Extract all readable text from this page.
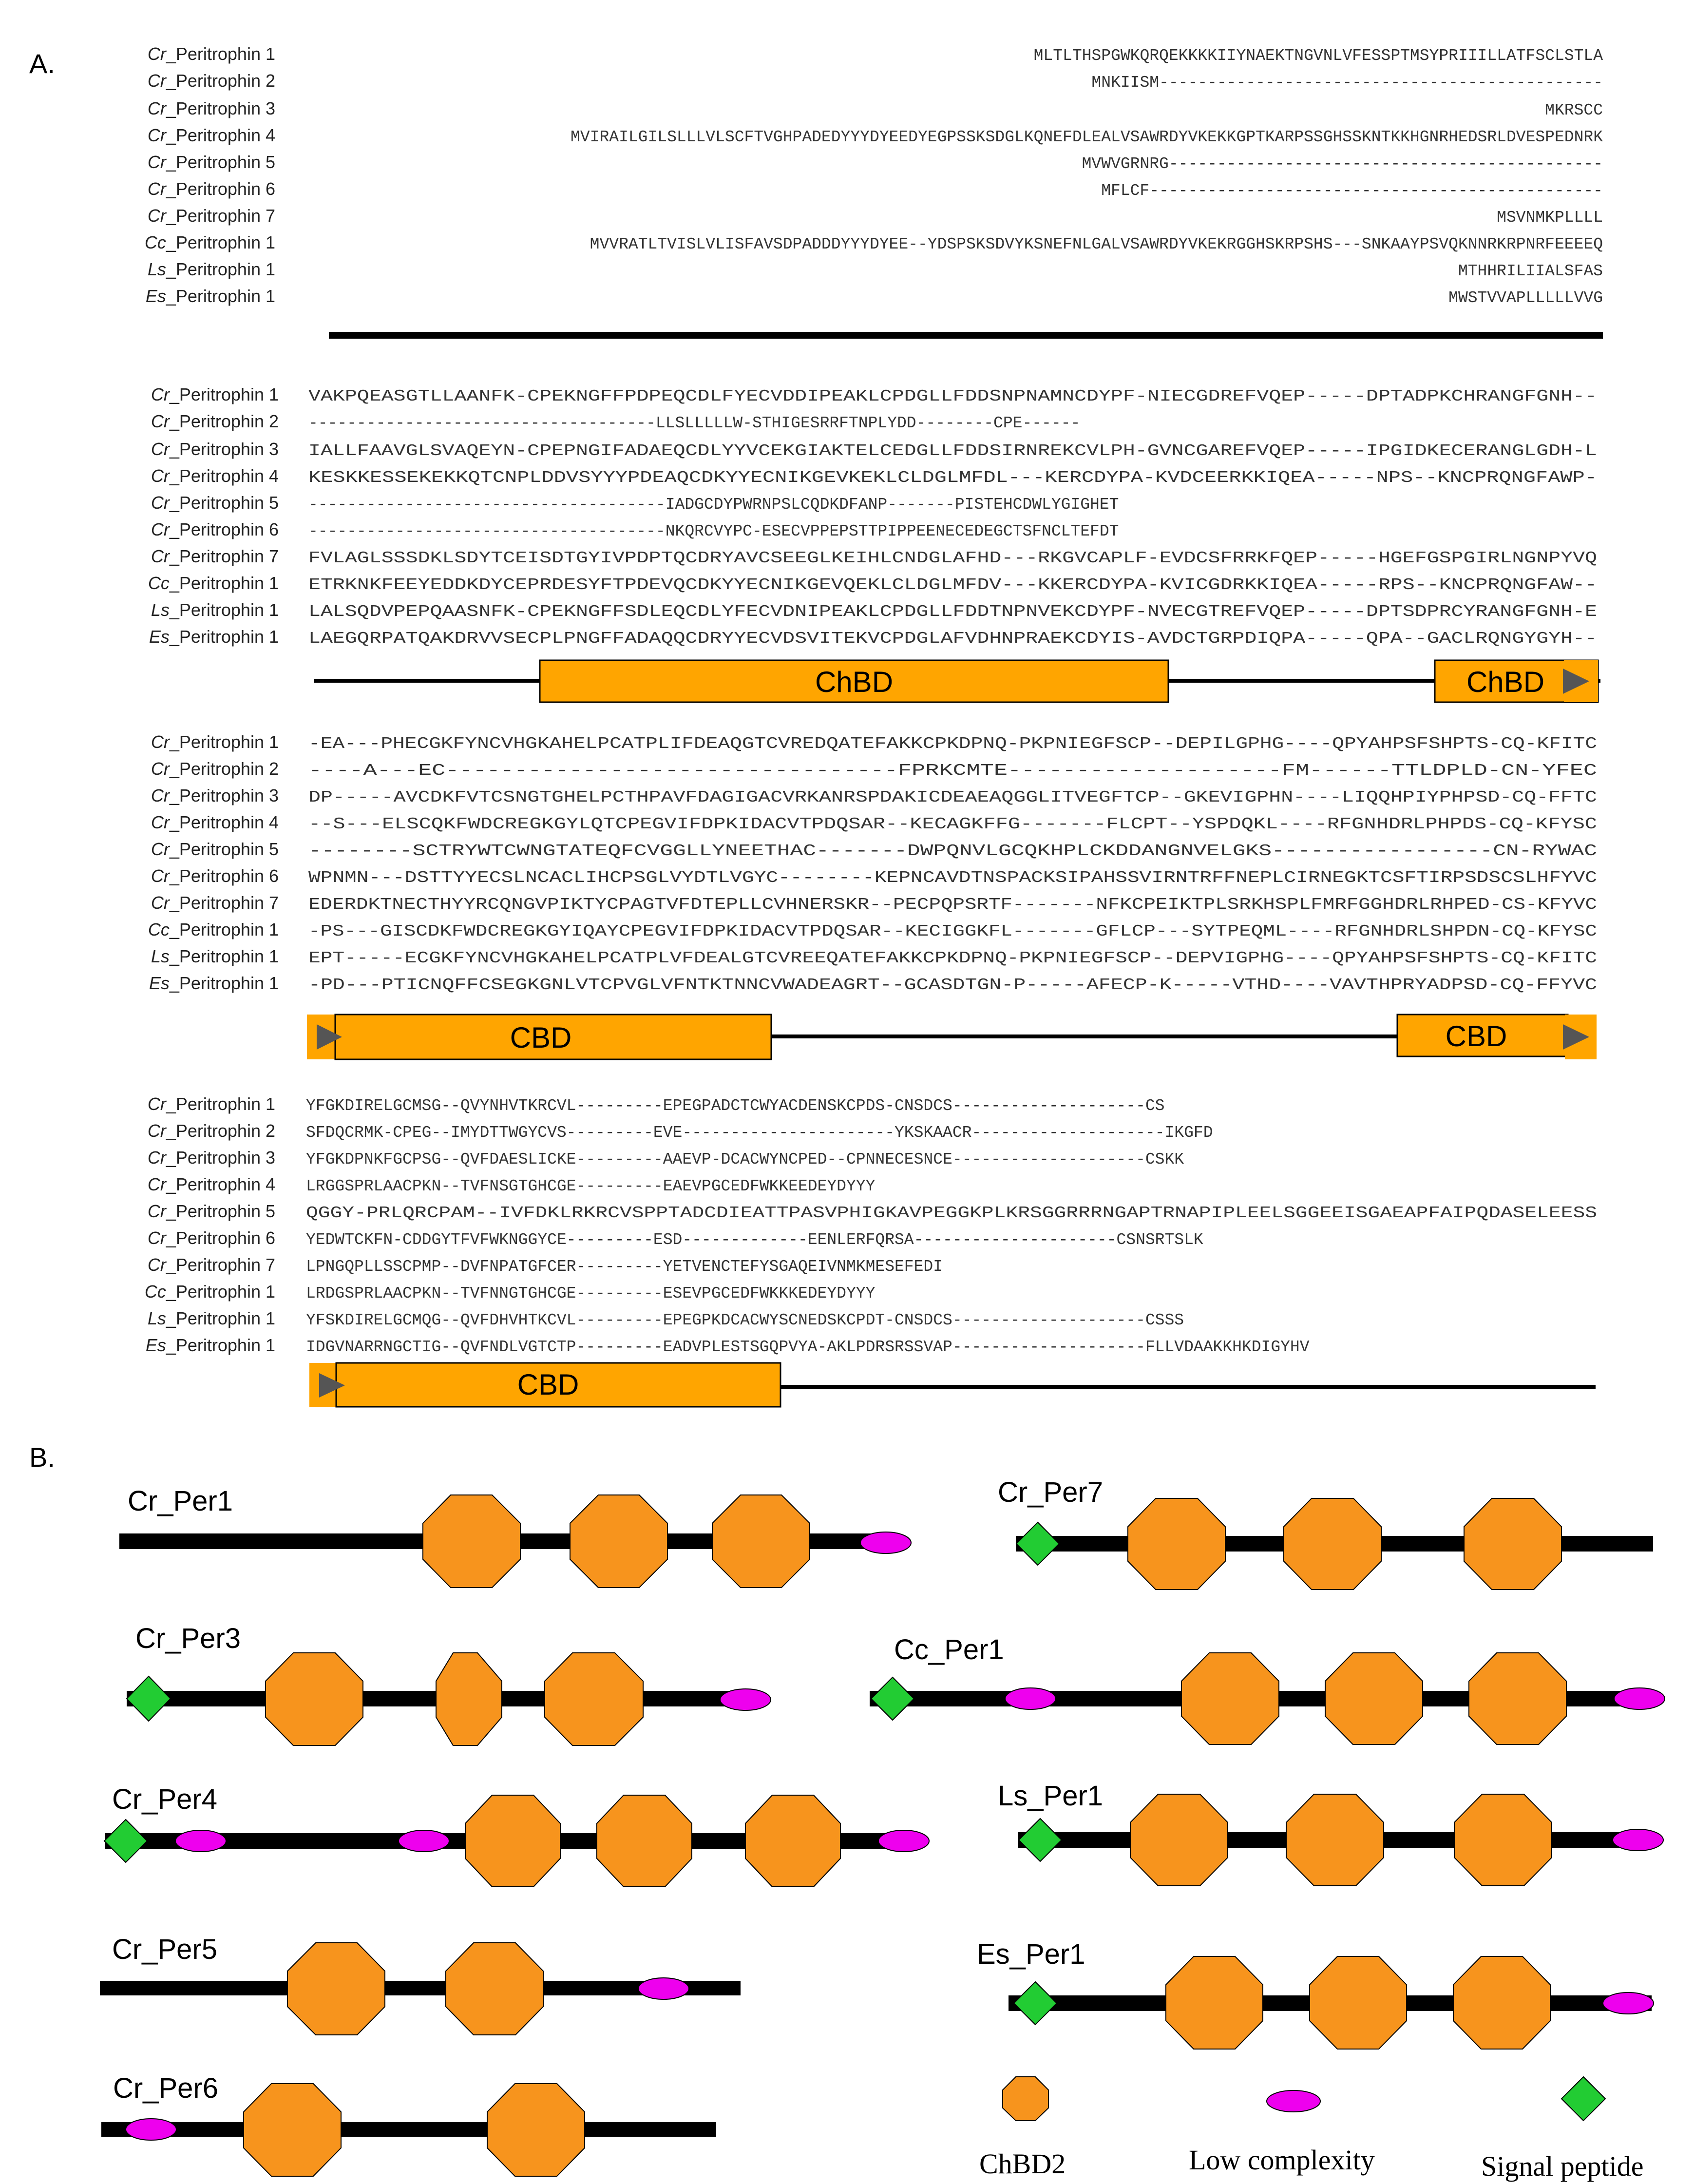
A.	Cr_Peritrophin 1	MLTLTHSPGWKQRQEKKKKIIYNAEKTNGVNLVFESSPTMSYPRIIILLATFSCLSTLA
Cr_Peritrophin 2	MNKIISM----------------------------------------------
Cr_Peritrophin 3	MKRSCC
Cr_Peritrophin 4	MVIRAILGILSLLLVLSCFTVGHPADEDYYYDYEEDYEGPSSKSDGLKQNEFDLEALVSAWRDYVKEKKGPTKARPSSGHSSKNTKKHGNRHEDSRLDVESPEDNRK
Cr_Peritrophin 5	MVWVGRNRG---------------------------------------------
Cr_Peritrophin 6	MFLCF-----------------------------------------------
Cr_Peritrophin 7	MSVNMKPLLLL
Cc_Peritrophin 1	MVVRATLTVISLVLISFAVSDPADDDYYYDYEE--YDSPSKSDVYKSNEFNLGALVSAWRDYVKEKRGGHSKRPSHS---SNKAAYPSVQKNNRKRPNRFEEEEQ
Ls_Peritrophin 1	MTHHRILIIALSFAS
Es_Peritrophin 1	MWSTVVAPLLLLLVVG
Cr_Peritrophin 1 VAKPQEASGTLLAANFK-CPEKNGFFPDPEQCDLFYECVDDIPEAKLCPDGLLFDDSNPNAMNCDYPF-NIECGDREFVQEP-----DPTADPKCHRANGFGNH--
Cr_Peritrophin 2 ------------------------------------LLSLLLLLW-STHIGESRRFTNPLYDD--------CPE------
Cr_Peritrophin 3 IALLFAAVGLSVAQEYN-CPEPNGIFADAEQCDLYYVCEKGIAKTELCEDGLLFDDSIRNREKCVLPH-GVNCGAREFVQEP-----IPGIDKECERANGLGDH-L
Cr_Peritrophin 4 KESKKESSEKEKKQTCNPLDDVSYYYPDEAQCDKYYECNIKGEVKEKLCLDGLMFDL---KERCDYPA-KVDCEERKKIQEA-----NPS--KNCPRQNGFAWP-
Cr_Peritrophin 5 -------------------------------------IADGCDYPWRNPSLCQDKDFANP-------PISTEHCDWLYGIGHET
Cr_Peritrophin 6 -------------------------------------NKQRCVYPC-ESECVPPEPSTTPIPPEENECEDEGCTSFNCLTEFDT
Cr_Peritrophin 7 FVLAGLSSSDKLSDYTCEISDTGYIVPDPTQCDRYAVCSEEGLKEIHLCNDGLAFHD---RKGVCAPLF-EVDCSFRRKFQEP-----HGEFGSPGIRLNGNPYVQ
Cc_Peritrophin 1 ETRKNKFEEYEDDKDYCEPRDESYFTPDEVQCDKYYECNIKGEVQEKLCLDGLMFDV---KKERCDYPA-KVICGDRKKIQEA-----RPS--KNCPRQNGFAW--
Ls_Peritrophin 1 LALSQDVPEPQAASNFK-CPEKNGFFSDLEQCDLYFECVDNIPEAKLCPDGLLFDDTNPNVEKCDYPF-NVECGTREFVQEP-----DPTSDPRCYRANGFGNH-E
Es_Peritrophin 1 LAEGQRPATQAKDRVVSECPLPNGFFADAQQCDRYYECVDSVITEKVCPDGLAFVDHNPRAEKCDYIS-AVDCTGRPDIQPA-----QPA--GACLRQNGYGYH--
ChBD	ChBD
Cr_Peritrophin 1 -EA---PHECGKFYNCVHGKAHELPCATPLIFDEAQGTCVREDQATEFAKKCPKDPNQ-PKPNIEGFSCP--DEPILGPHG----QPYAHPSFSHPTS-CQ-KFITC
Cr_Peritrophin 2 ----A---EC---------------------------------FPRKCMTE--------------------FM------TTLDPLD-CN-YFEC
Cr_Peritrophin 3 DP-----AVCDKFVTCSNGTGHELPCTHPAVFDAGIGACVRKANRSPDAKICDEAEAQGGLITVEGFTCP--GKEVIGPHN----LIQQHPIYPHPSD-CQ-FFTC
Cr_Peritrophin 4 --S---ELSCQKFWDCREGKGYLQTCPEGVIFDPKIDACVTPDQSAR--KECAGKFFG-------FLCPT--YSPDQKL----RFGNHDRLPHPDS-CQ-KFYSC
Cr_Peritrophin 5 --------SCTRYWTCWNGTATEQFCVGGLLYNEETHAC-------DWPQNVLGCQKHPLCKDDANGNVELGKS-----------------CN-RYWAC
Cr_Peritrophin 6 WPNMN---DSTTYYECSLNCACLIHCPSGLVYDTLVGYC--------KEPNCAVDTNSPACKSIPAHSSVIRNTRFFNEPLCIRNEGKTCSFTIRPSDSCSLHFYVC
Cr_Peritrophin 7 EDERDKTNECTHYYRCQNGVPIKTYCPAGTVFDTEPLLCVHNERSKR--PECPQPSRTF-------NFKCPEIKTPLSRKHSPLFMRFGGHDRLRHPED-CS-KFYVC
Cc_Peritrophin 1 -PS---GISCDKFWDCREGKGYIQAYCPEGVIFDPKIDACVTPDQSAR--KECIGGKFL-------GFLCP---SYTPEQML----RFGNHDRLSHPDN-CQ-KFYSC
Ls_Peritrophin 1 EPT-----ECGKFYNCVHGKAHELPCATPLVFDEALGTCVREEQATEFAKKCPKDPNQ-PKPNIEGFSCP--DEPVIGPHG----QPYAHPSFSHPTS-CQ-KFITC
Es_Peritrophin 1 -PD---PTICNQFFCSEGKGNLVTCPVGLVFNTKTNNCVWADEAGRT--GCASDTGN-P-----AFECP-K-----VTHD----VAVTHPRYADPSD-CQ-FFYVC
CBD	CBD
Cr_Peritrophin 1 YFGKDIRELGCMSG--QVYNHVTKRCVL---------EPEGPADCTCWYACDENSKCPDS-CNSDCS--------------------CS
Cr_Peritrophin 2 SFDQCRMK-CPEG--IMYDTTWGYCVS---------EVE----------------------YKSKAACR--------------------IKGFD
Cr_Peritrophin 3 YFGKDPNKFGCPSG--QVFDAESLICKE---------AAEVP-DCACWYNCPED--CPNNECESNCE--------------------CSKK
Cr_Peritrophin 4 LRGGSPRLAACPKN--TVFNSGTGHCGE---------EAEVPGCEDFWKKEEDEYDYYY
Cr_Peritrophin 5 QGGY-PRLQRCPAM--IVFDKLRKRCVSPPTADCDIEATTPASVPHIGKAVPEGGKPLKRSGGRRRNGAPTRNAPIPLEELSGGEEISGAEAPFAIPQDASELEESS
Cr_Peritrophin 6 YEDWTCKFN-CDDGYTFVFWKNGGYCE---------ESD-------------EENLERFQRSA---------------------CSNSRTSLK
Cr_Peritrophin 7 LPNGQPLLSSCPMP--DVFNPATGFCER---------YETVENCTEFYSGAQEIVNMKMESEFEDI
Cc_Peritrophin 1 LRDGSPRLAACPKN--TVFNNGTGHCGE---------ESEVPGCEDFWKKKEDEYDYYY
Ls_Peritrophin 1 YFSKDIRELGCMQG--QVFDHVHTKCVL---------EPEGPKDCACWYSCNEDSKCPDT-CNSDCS--------------------CSSS
Es_Peritrophin 1 IDGVNARRNGCTIG--QVFNDLVGTCTP---------EADVPLESTSGQPVYA-AKLPDRSRSSVAP--------------------FLLVDAAKKHKDIGYHV
CBD
B.
Cr_Per1
Cr_Per3
Cr_Per4
Cr_Per5
Cr_Per6
Cr_Per7
Cc_Per1
Ls_Per1
Es_Per1
ChBD2	Low complexity	Signal peptide
